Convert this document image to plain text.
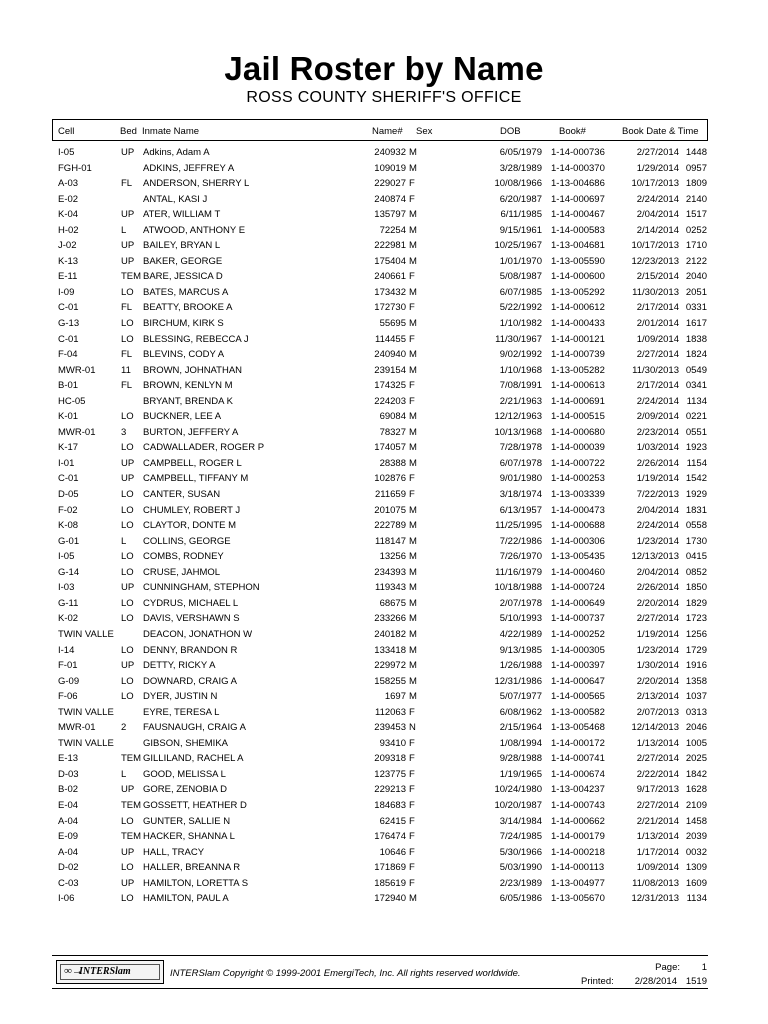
Jail Roster by Name
ROSS COUNTY SHERIFF'S OFFICE
Cell	Bed Inmate Name	Name# Sex	DOB	Book#	Book Date & Time
I-05	UP Adkins, Adam A	240932 M	6/05/1979 1-14-000736	2/27/2014 1448
FGH-01	ADKINS, JEFFREY A	109019 M	3/28/1989 1-14-000370	1/29/2014 0957
A-03	FL ANDERSON, SHERRY L	229027 F	10/08/1966 1-13-004686	10/17/2013 1809
E-02	ANTAL, KASI J	240874 F	6/20/1987 1-14-000697	2/24/2014 2140
K-04	UP ATER, WILLIAM T	135797 M	6/11/1985 1-14-000467	2/04/2014 1517
H-02	L ATWOOD, ANTHONY E	72254 M	9/15/1961 1-14-000583	2/14/2014 0252
J-02	UP BAILEY, BRYAN L	222981 M	10/25/1967 1-13-004681	10/17/2013 1710
K-13	UP BAKER, GEORGE	175404 M	1/01/1970 1-13-005590	12/23/2013 2122
E-11	TEM BARE, JESSICA D	240661 F	5/08/1987 1-14-000600	2/15/2014 2040
I-09	LO BATES, MARCUS A	173432 M	6/07/1985 1-13-005292	11/30/2013 2051
C-01	FL BEATTY, BROOKE A	172730 F	5/22/1992 1-14-000612	2/17/2014 0331
G-13	LO BIRCHUM, KIRK S	55695 M	1/10/1982 1-14-000433	2/01/2014 1617
C-01	LO BLESSING, REBECCA J	114455 F	11/30/1967 1-14-000121	1/09/2014 1838
F-04	FL BLEVINS, CODY A	240940 M	9/02/1992 1-14-000739	2/27/2014 1824
MWR-01	11 BROWN, JOHNATHAN	239154 M	1/10/1968 1-13-005282	11/30/2013 0549
B-01	FL BROWN, KENLYN M	174325 F	7/08/1991 1-14-000613	2/17/2014 0341
HC-05	BRYANT, BRENDA K	224203 F	2/21/1963 1-14-000691	2/24/2014 1134
K-01	LO BUCKNER, LEE A	69084 M	12/12/1963 1-14-000515	2/09/2014 0221
MWR-01	3 BURTON, JEFFERY A	78327 M	10/13/1968 1-14-000680	2/23/2014 0551
K-17	LO CADWALLADER, ROGER P	174057 M	7/28/1978 1-14-000039	1/03/2014 1923
I-01	UP CAMPBELL, ROGER L	28388 M	6/07/1978 1-14-000722	2/26/2014 1154
C-01	UP CAMPBELL, TIFFANY M	102876 F	9/01/1980 1-14-000253	1/19/2014 1542
D-05	LO CANTER, SUSAN	211659 F	3/18/1974 1-13-003339	7/22/2013 1929
F-02	LO CHUMLEY, ROBERT J	201075 M	6/13/1957 1-14-000473	2/04/2014 1831
K-08	LO CLAYTOR, DONTE M	222789 M	11/25/1995 1-14-000688	2/24/2014 0558
G-01	L COLLINS, GEORGE	118147 M	7/22/1986 1-14-000306	1/23/2014 1730
I-05	LO COMBS, RODNEY	13256 M	7/26/1970 1-13-005435	12/13/2013 0415
G-14	LO CRUSE, JAHMOL	234393 M	11/16/1979 1-14-000460	2/04/2014 0852
I-03	UP CUNNINGHAM, STEPHON	119343 M	10/18/1988 1-14-000724	2/26/2014 1850
G-11	LO CYDRUS, MICHAEL L	68675 M	2/07/1978 1-14-000649	2/20/2014 1829
K-02	LO DAVIS, VERSHAWN S	233266 M	5/10/1993 1-14-000737	2/27/2014 1723
TWIN VALLE	DEACON, JONATHON W	240182 M	4/22/1989 1-14-000252	1/19/2014 1256
I-14	LO DENNY, BRANDON R	133418 M	9/13/1985 1-14-000305	1/23/2014 1729
F-01	UP DETTY, RICKY A	229972 M	1/26/1988 1-14-000397	1/30/2014 1916
G-09	LO DOWNARD, CRAIG A	158255 M	12/31/1986 1-14-000647	2/20/2014 1358
F-06	LO DYER, JUSTIN N	1697 M	5/07/1977 1-14-000565	2/13/2014 1037
TWIN VALLE	EYRE, TERESA L	112063 F	6/08/1962 1-13-000582	2/07/2013 0313
MWR-01	2 FAUSNAUGH, CRAIG A	239453 N	2/15/1964 1-13-005468	12/14/2013 2046
TWIN VALLE	GIBSON, SHEMIKA	93410 F	1/08/1994 1-14-000172	1/13/2014 1005
E-13	TEM GILLILAND, RACHEL A	209318 F	9/28/1988 1-14-000741	2/27/2014 2025
D-03	L GOOD, MELISSA L	123775 F	1/19/1965 1-14-000674	2/22/2014 1842
B-02	UP GORE, ZENOBIA D	229213 F	10/24/1980 1-13-004237	9/17/2013 1628
E-04	TEM GOSSETT, HEATHER D	184683 F	10/20/1987 1-14-000743	2/27/2014 2109
A-04	LO GUNTER, SALLIE N	62415 F	3/14/1984 1-14-000662	2/21/2014 1458
E-09	TEM HACKER, SHANNA L	176474 F	7/24/1985 1-14-000179	1/13/2014 2039
A-04	UP HALL, TRACY	10646 F	5/30/1966 1-14-000218	1/17/2014 0032
D-02	LO HALLER, BREANNA R	171869 F	5/03/1990 1-14-000113	1/09/2014 1309
C-03	UP HAMILTON, LORETTA S	185619 F	2/23/1989 1-13-004977	11/08/2013 1609
I-06	LO HAMILTON, PAUL A	172940 M	6/05/1986 1-13-005670	12/31/2013 1134
∞→
INTERSlam	INTERSlam Copyright © 1999-2001 EmergiTech, Inc. All rights reserved worldwide.
Page: 1
Printed: 2/28/2014 1519
